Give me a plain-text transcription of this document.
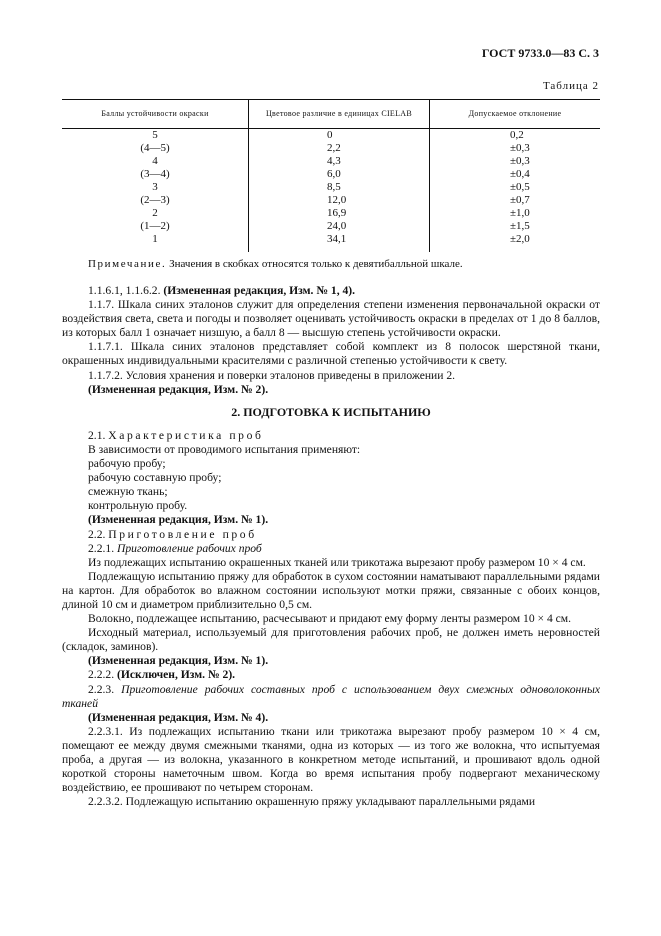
ГОСТ 9733.0—83 С. 3
Таблица 2
Баллы устойчивости окраски	Цветовое различие в единицах CIELAB	Допускаемое отклонение
5	0	0,2
(4—5)	2,2	±0,3
4	4,3	±0,3
(3—4)	6,0	±0,4
3	8,5	±0,5
(2—3)	12,0	±0,7
2	16,9	±1,0
(1—2)	24,0	±1,5
1	34,1	±2,0

Примечание. Значения в скобках относятся только к девятибалльной шкале.

1.1.6.1, 1.1.6.2. (Измененная редакция, Изм. № 1, 4).

1.1.7. Шкала синих эталонов служит для определения степени изменения первоначальной окраски от воздействия света, света и погоды и позволяет оценивать устойчивость окраски в пределах от 1 до 8 баллов, из которых балл 1 означает низшую, а балл 8 — высшую степень устойчивости окраски.

1.1.7.1. Шкала синих эталонов представляет собой комплект из 8 полосок шерстяной ткани, окрашенных индивидуальными красителями с различной степенью устойчивости к свету.

1.1.7.2. Условия хранения и поверки эталонов приведены в приложении 2.

(Измененная редакция, Изм. № 2).

2. ПОДГОТОВКА К ИСПЫТАНИЮ

2.1. Характеристика проб

В зависимости от проводимого испытания применяют:

рабочую пробу;

рабочую составную пробу;

смежную ткань;

контрольную пробу.

(Измененная редакция, Изм. № 1).

2.2. Приготовление проб

2.2.1. Приготовление рабочих проб

Из подлежащих испытанию окрашенных тканей или трикотажа вырезают пробу размером 10 × 4 см.

Подлежащую испытанию пряжу для обработок в сухом состоянии наматывают параллельными рядами на картон. Для обработок во влажном состоянии используют мотки пряжи, связанные с обоих концов, длиной 10 см и диаметром приблизительно 0,5 см.

Волокно, подлежащее испытанию, расчесывают и придают ему форму ленты размером 10 × 4 см.

Исходный материал, используемый для приготовления рабочих проб, не должен иметь неровностей (складок, заминов).

(Измененная редакция, Изм. № 1).

2.2.2. (Исключен, Изм. № 2).

2.2.3. Приготовление рабочих составных проб с использованием двух смежных одноволоконных тканей

(Измененная редакция, Изм. № 4).

2.2.3.1. Из подлежащих испытанию ткани или трикотажа вырезают пробу размером 10 × 4 см, помещают ее между двумя смежными тканями, одна из которых — из того же волокна, что испытуемая проба, а другая — из волокна, указанного в конкретном методе испытаний, и прошивают вдоль одной короткой стороны наметочным швом. Когда во время испытания пробу подвергают механическому воздействию, ее прошивают по четырем сторонам.

2.2.3.2. Подлежащую испытанию окрашенную пряжу укладывают параллельными рядами
